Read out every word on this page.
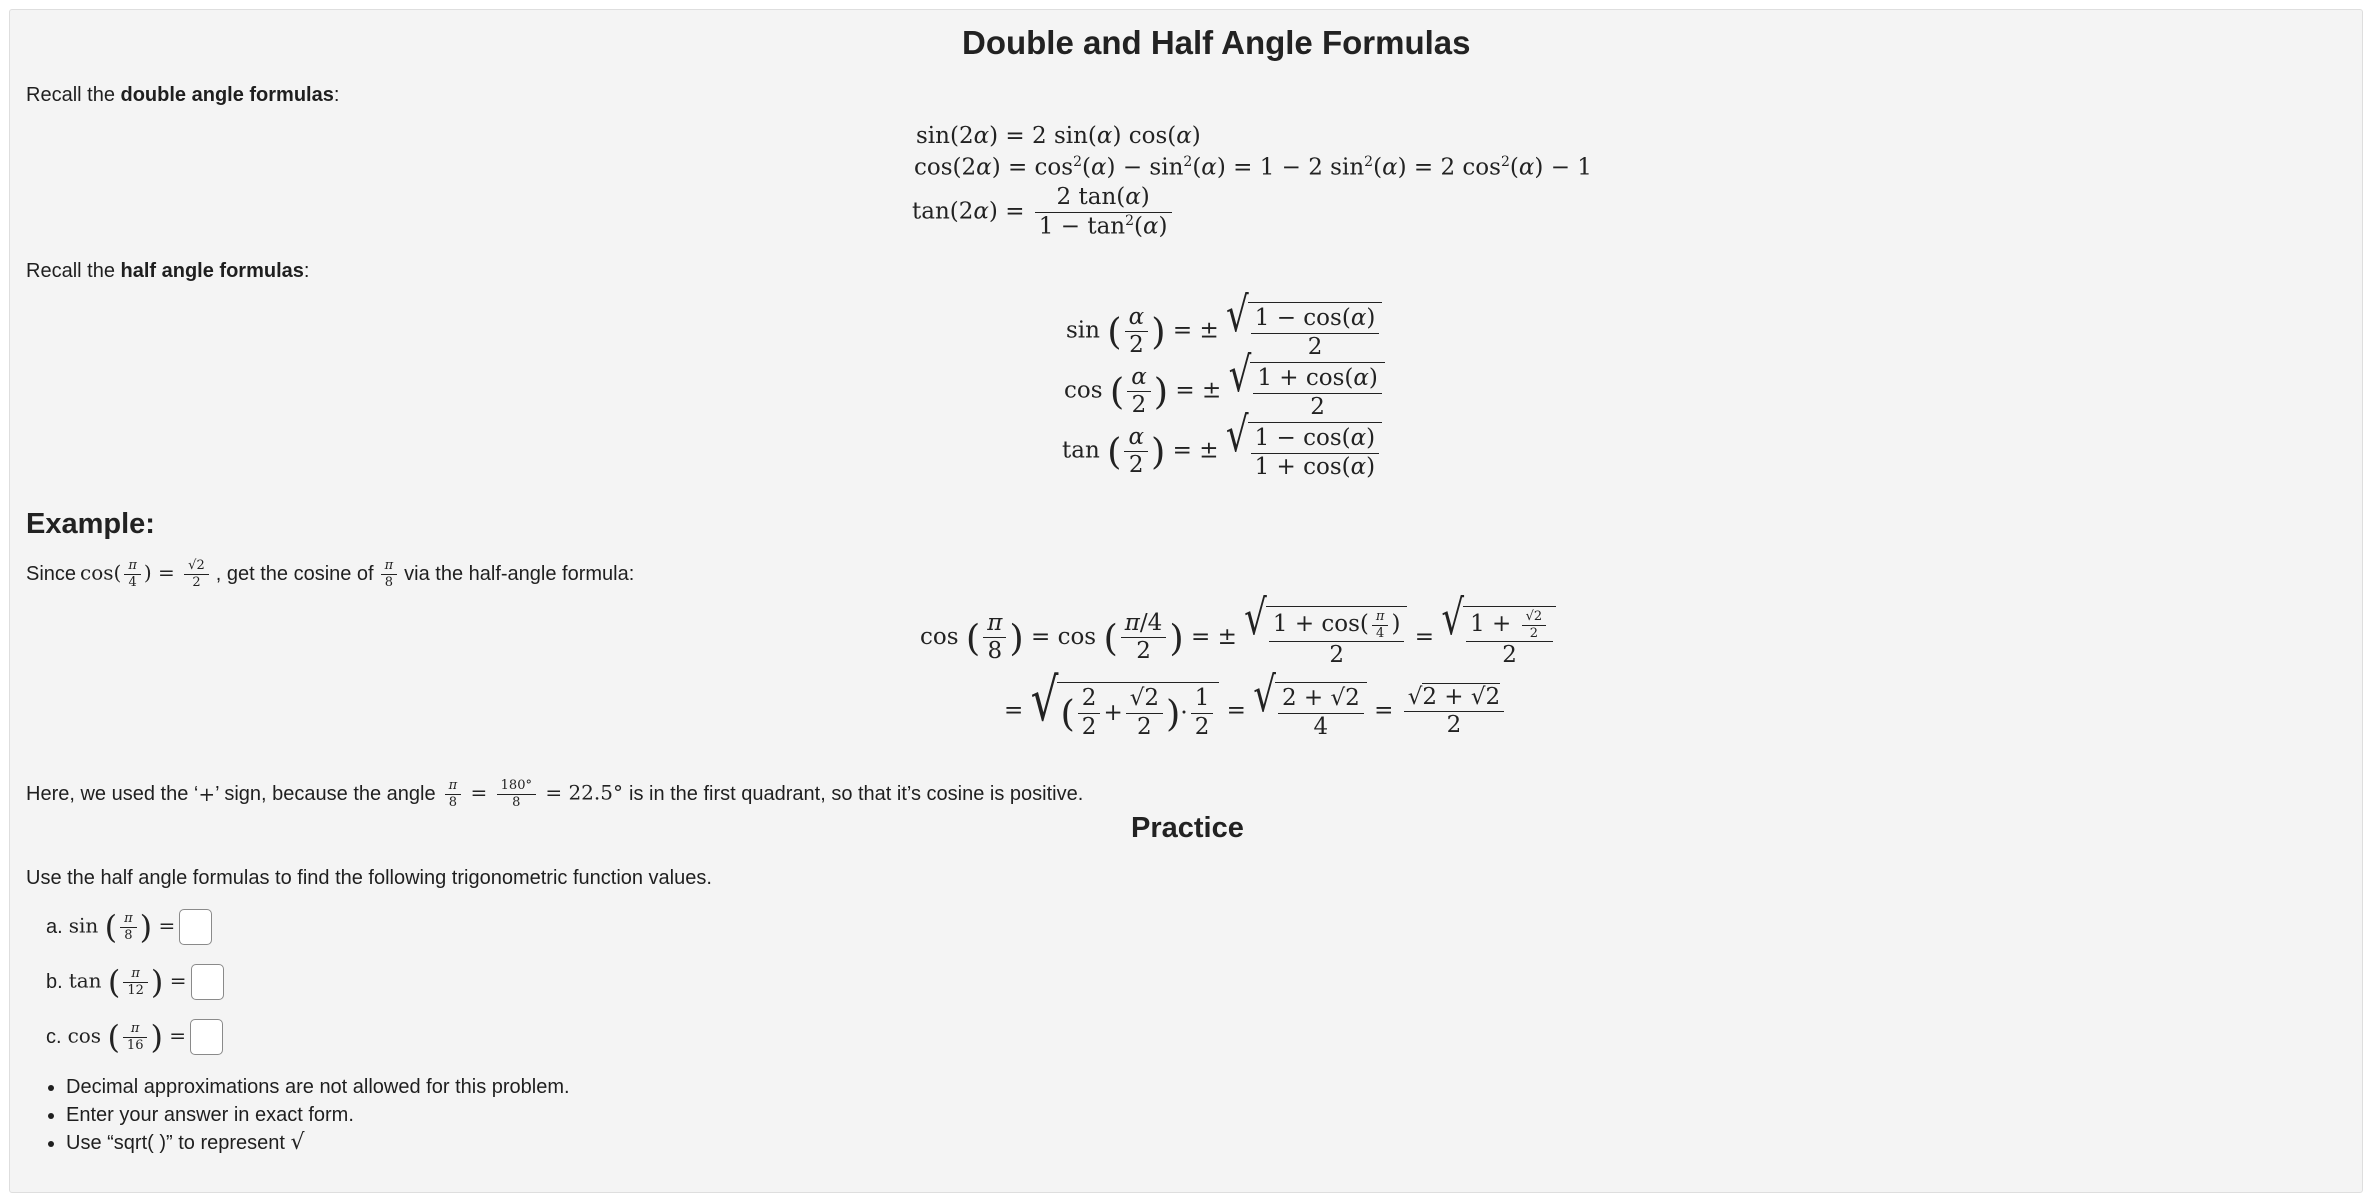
Double and Half Angle Formulas
Recall the double angle formulas:
sin(2α) = 2 sin(α) cos(α)
$\cos(2\alpha) = \cos^2(\alpha) - \sin^2(\alpha) = 1 - 2$ $\sin^2(\alpha) = 2$ $\cos^2(\alpha) - 1$
$\tan(2\alpha) = \frac{2 \tan(\alpha)}{1 - \tan^2(\alpha)}$
Recall the half angle formulas:
sin ( $\frac{\alpha}{2}$ ) = ± √ $\frac{1 - \cos(\alpha)}{2}$
cos ( $\frac{\alpha}{2}$ ) = ± √ $\frac{1 + \cos(\alpha)}{2}$
tan ( $\frac{\alpha}{2}$ ) = ± √ $\frac{1 - \cos(\alpha)}{1 + \cos(\alpha)}$
Example:
Since $\cos( \frac{\pi}{4}$ ) = $\frac{√2}{2}$ , get the cosine of $\frac{\pi}{8}$ via the half-angle formula:
cos ( $\frac{\pi}{8}$ ) = cos ( $\frac{\pi/4}{2}$ ) = ± √ $\frac{1 + \cos( \frac{\pi}{4} )}{2}$ = √ $\frac{1 + \frac{√2}{2}}{2}$
= √ ( $\frac{2}{2} + \frac{√2}{2}$ ) · $\frac{1}{2}$ = √ $\frac{2 + √2}{4} = \frac{√2 + √2}{2}$
Here, we used the ‘ + ’ sign, because the angle $\frac{\pi}{8} = \frac{180^\circ}{8} = 22.5^\circ$ is in the first quadrant, so that it’s cosine is positive.
Practice
Use the half angle formulas to find the following trigonometric function values.
a. sin ( $\frac{\pi}{8}$ ) =
b. tan ( $\frac{\pi}{12}$ ) =
c. cos ( $\frac{\pi}{16}$ ) =
• Decimal approximations are not allowed for this problem.
• Enter your answer in exact form.
• Use “sqrt( )” to represent √
